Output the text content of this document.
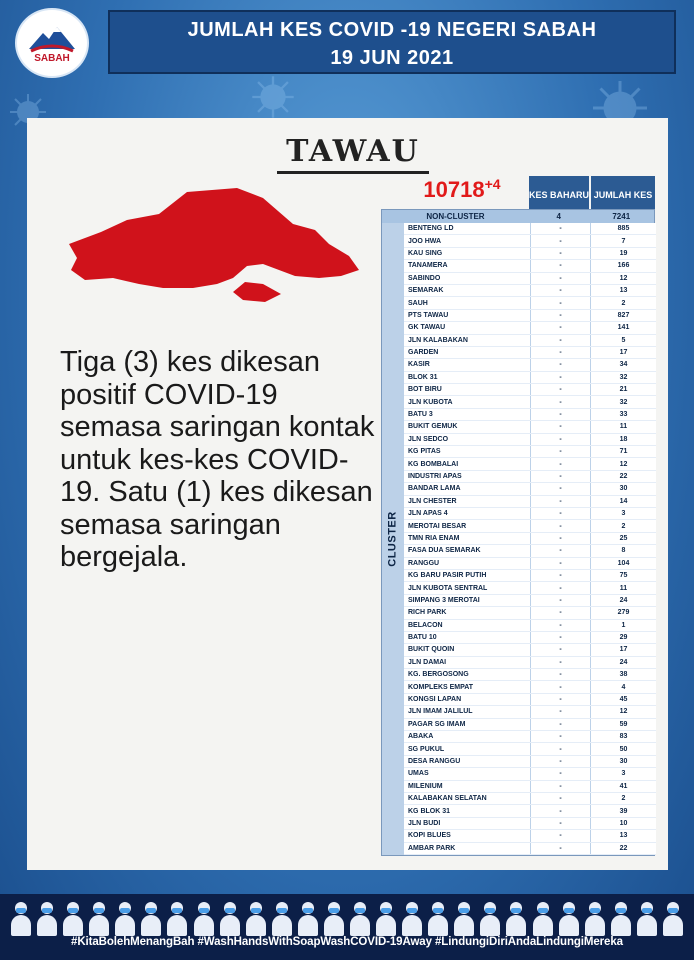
SABAH
JUMLAH KES COVID -19 NEGERI SABAH
19 JUN 2021
TAWAU
Tiga (3) kes dikesan positif COVID-19 semasa saringan kontak untuk kes-kes COVID-19. Satu (1) kes dikesan semasa saringan bergejala.
$10718^{+4}$
KES BAHARU JUMLAH KES
NON-CLUSTER	4	7241
CLUSTER
BENTENG LD	-	885
JOO HWA	-	7
KAU SING	-	19
TANAMERA	-	166
SABINDO	-	12
SEMARAK	-	13
SAUH	-	2
PTS TAWAU	-	827
GK TAWAU	-	141
JLN KALABAKAN	-	5
GARDEN	-	17
KASIR	-	34
BLOK 31	-	32
BOT BIRU	-	21
JLN KUBOTA	-	32
BATU 3	-	33
BUKIT GEMUK	-	11
JLN SEDCO	-	18
KG PITAS	-	71
KG BOMBALAI	-	12
INDUSTRI APAS	-	22
BANDAR LAMA	-	30
JLN CHESTER	-	14
JLN APAS 4	-	3
MEROTAI BESAR	-	2
TMN RIA ENAM	-	25
FASA DUA SEMARAK	-	8
RANGGU	-	104
KG BARU PASIR PUTIH	-	75
JLN KUBOTA SENTRAL	-	11
SIMPANG 3 MEROTAI	-	24
RICH PARK	-	279
BELACON	-	1
BATU 10	-	29
BUKIT QUOIN	-	17
JLN DAMAI	-	24
KG. BERGOSONG	-	38
KOMPLEKS EMPAT	-	4
KONGSI LAPAN	-	45
JLN IMAM JALILUL	-	12
PAGAR SG IMAM	-	59
ABAKA	-	83
SG PUKUL	-	50
DESA RANGGU	-	30
UMAS	-	3
MILENIUM	-	41
KALABAKAN SELATAN	-	2
KG BLOK 31	-	39
JLN BUDI	-	10
KOPI BLUES	-	13
AMBAR PARK	-	22
#KitaBolehMenangBah #WashHandsWithSoapWashCOVID-19Away #LindungiDiriAndaLindungiMereka
